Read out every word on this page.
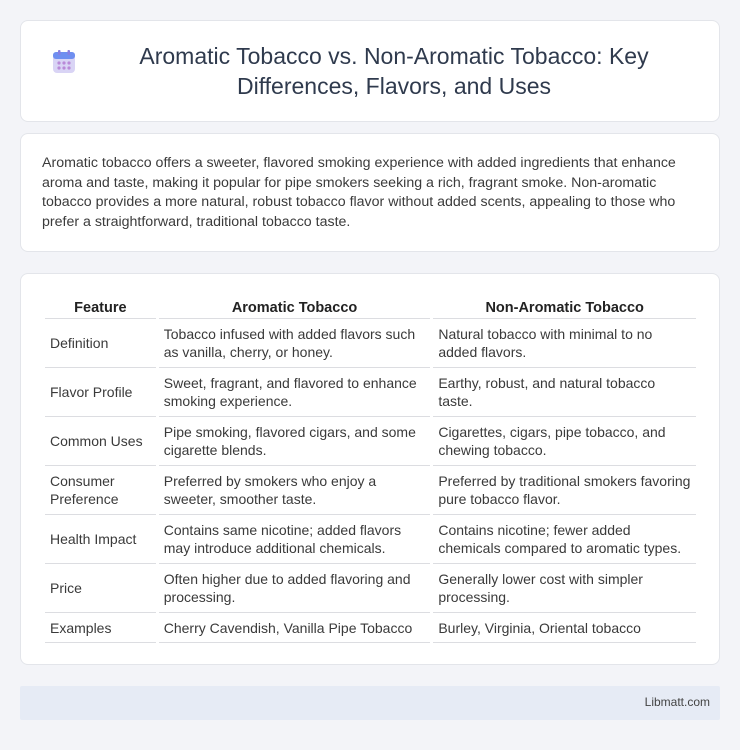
Aromatic Tobacco vs. Non-Aromatic Tobacco: Key Differences, Flavors, and Uses

Aromatic tobacco offers a sweeter, flavored smoking experience with added ingredients that enhance aroma and taste, making it popular for pipe smokers seeking a rich, fragrant smoke. Non-aromatic tobacco provides a more natural, robust tobacco flavor without added scents, appealing to those who prefer a straightforward, traditional tobacco taste.

Feature	Aromatic Tobacco	Non-Aromatic Tobacco
Definition	Tobacco infused with added flavors such as vanilla, cherry, or honey.	Natural tobacco with minimal to no added flavors.
Flavor Profile	Sweet, fragrant, and flavored to enhance smoking experience.	Earthy, robust, and natural tobacco taste.
Common Uses	Pipe smoking, flavored cigars, and some cigarette blends.	Cigarettes, cigars, pipe tobacco, and chewing tobacco.
Consumer Preference	Preferred by smokers who enjoy a sweeter, smoother taste.	Preferred by traditional smokers favoring pure tobacco flavor.
Health Impact	Contains same nicotine; added flavors may introduce additional chemicals.	Contains nicotine; fewer added chemicals compared to aromatic types.
Price	Often higher due to added flavoring and processing.	Generally lower cost with simpler processing.
Examples	Cherry Cavendish, Vanilla Pipe Tobacco	Burley, Virginia, Oriental tobacco
Libmatt.com
